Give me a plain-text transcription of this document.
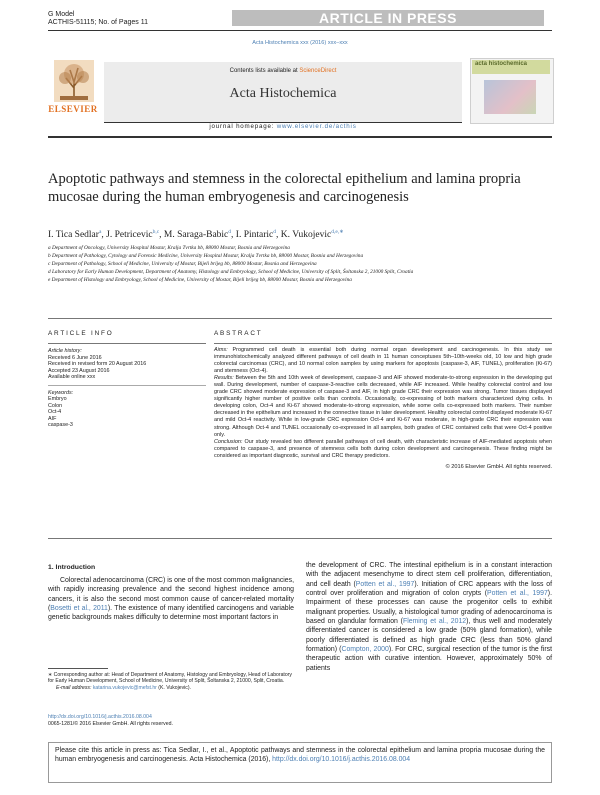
G Model
ACTHIS-51115; No. of Pages 11	ARTICLE IN PRESS
Acta Histochemica xxx (2016) xxx–xxx
ELSEVIER
Contents lists available at ScienceDirect
Acta Histochemica
acta histochemica
journal homepage: www.elsevier.de/acthis
Apoptotic pathways and stemness in the colorectal epithelium and lamina propria mucosae during the human embryogenesis and carcinogenesis
I. Tica Sedlar$^a$, J. Petricevic$^{b,c}$, M. Saraga-Babic$^d$, I. Pintaric$^d$, K. Vukojevic$^{d,e,∗}$

a Department of Oncology, University Hospital Mostar, Kralja Tvrtka bb, 88000 Mostar, Bosnia and Herzegovina

b Department of Pathology, Cytology and Forensic Medicine, University Hospital Mostar, Kralja Tvrtka bb, 88000 Mostar, Bosnia and Herzegovina

c Department of Pathology, School of Medicine, University of Mostar, Bijeli brijeg bb, 88000 Mostar, Bosnia and Herzegovina

d Laboratory for Early Human Development, Department of Anatomy, Histology and Embryology, School of Medicine, University of Split, Šoltanska 2, 21000 Split, Croatia

e Department of Histology and Embryology, School of Medicine, University of Mostar, Bijeli brijeg bb, 88000 Mostar, Bosnia and Herzegovina

ARTICLE INFO
Article history:
Received 6 June 2016
Received in revised form 20 August 2016
Accepted 23 August 2016
Available online xxx
Keywords:
Embryo
Colon
Oct-4
AIF
caspase-3
ABSTRACT

Aims: Programmed cell death is essential both during normal organ development and carcinogenesis. In this study we immunohistochemically analyzed different pathways of cell death in 11 human conceptuses 5th–10th-weeks old, 10 low and high grade colorectal carcinomas (CRC), and 10 normal colon samples by using markers for apoptosis (caspase-3, AIF, TUNEL), proliferation (Ki-67) and stemness (Oct-4).

Results: Between the 5th and 10th week of development, caspase-3 and AIF showed moderate-to-strong expression in the developing gut wall. During development, number of caspase-3-reactive cells decreased, while AIF increased. While healthy colorectal control and low grade CRC showed moderate expression of caspase-3 and AIF, in high grade CRC their expression was strong. Tumor tissues displayed significantly higher number of positive cells than controls. Occasionally, co-expressing of both markers characterized dying cells. In developing colon, Oct-4 and Ki-67 showed moderate-to-strong expression, while some cells co-expressed both markers. Their number decreased in the epithelium and increased in the connective tissue in later development. Healthy colorectal control displayed moderate Ki-67 and mild Oct-4 reactivity. While in low-grade CRC expression Oct-4 and Ki-67 was moderate, in high-grade CRC their expression was strong. Although Oct-4 and TUNEL occasionally co-expressed in all samples, both grades of CRC contained cells that were Oct-4 positive only.

Conclusion: Our study revealed two different parallel pathways of cell death, with characteristic increase of AIF-mediated apoptosis when compared to caspase-3, and presence of stemness cells both during colon development and carcinogenesis. These finding might be considered as important diagnostic, survival and CRC therapy predictors.

© 2016 Elsevier GmbH. All rights reserved.
1. Introduction

Colorectal adenocarcinoma (CRC) is one of the most common malignancies, with rapidly increasing prevalence and the second highest incidence among cancers, it is also the second most common cause of cancer-related mortality (Bosetti et al., 2011). The existence of many identified carcinogens and variable genetic backgrounds makes difficulty to determine most important factors in

the development of CRC. The intestinal epithelium is in a constant interaction with the adjacent mesenchyme to direct stem cell proliferation, differentiation, and cell death (Potten et al., 1997). Initiation of CRC appears with the loss of control over proliferation and migration of colon crypts (Potten et al., 1997). Impairment of these processes can cause the progenitor cells to exhibit malignant properties. Usually, a histological tumor grading of adenocarcinoma is based on glandular formation (Fleming et al., 2012), thus well and moderately differentiated cancer is considered a low grade (50% gland formation), while poorly differentiated is defined as high grade CRC (less than 50% gland formation) (Compton, 2000). For CRC, surgical resection of the tumor is the first therapeutic action with curative intention. However, approximately 50% of patients

∗ Corresponding author at: Head of Department of Anatomy, Histology and Embryology, Head of Laboratory for Early Human Development, School of Medicine, University of Split, Šoltanska 2, 21000, Split, Croatia.

E-mail address: katarina.vukojevic@mefst.hr (K. Vukojevic).

http://dx.doi.org/10.1016/j.acthis.2016.08.004
0065-1281/© 2016 Elsevier GmbH. All rights reserved.
Please cite this article in press as: Tica Sedlar, I., et al., Apoptotic pathways and stemness in the colorectal epithelium and lamina propria mucosae during the human embryogenesis and carcinogenesis. Acta Histochemica (2016), http://dx.doi.org/10.1016/j.acthis.2016.08.004
